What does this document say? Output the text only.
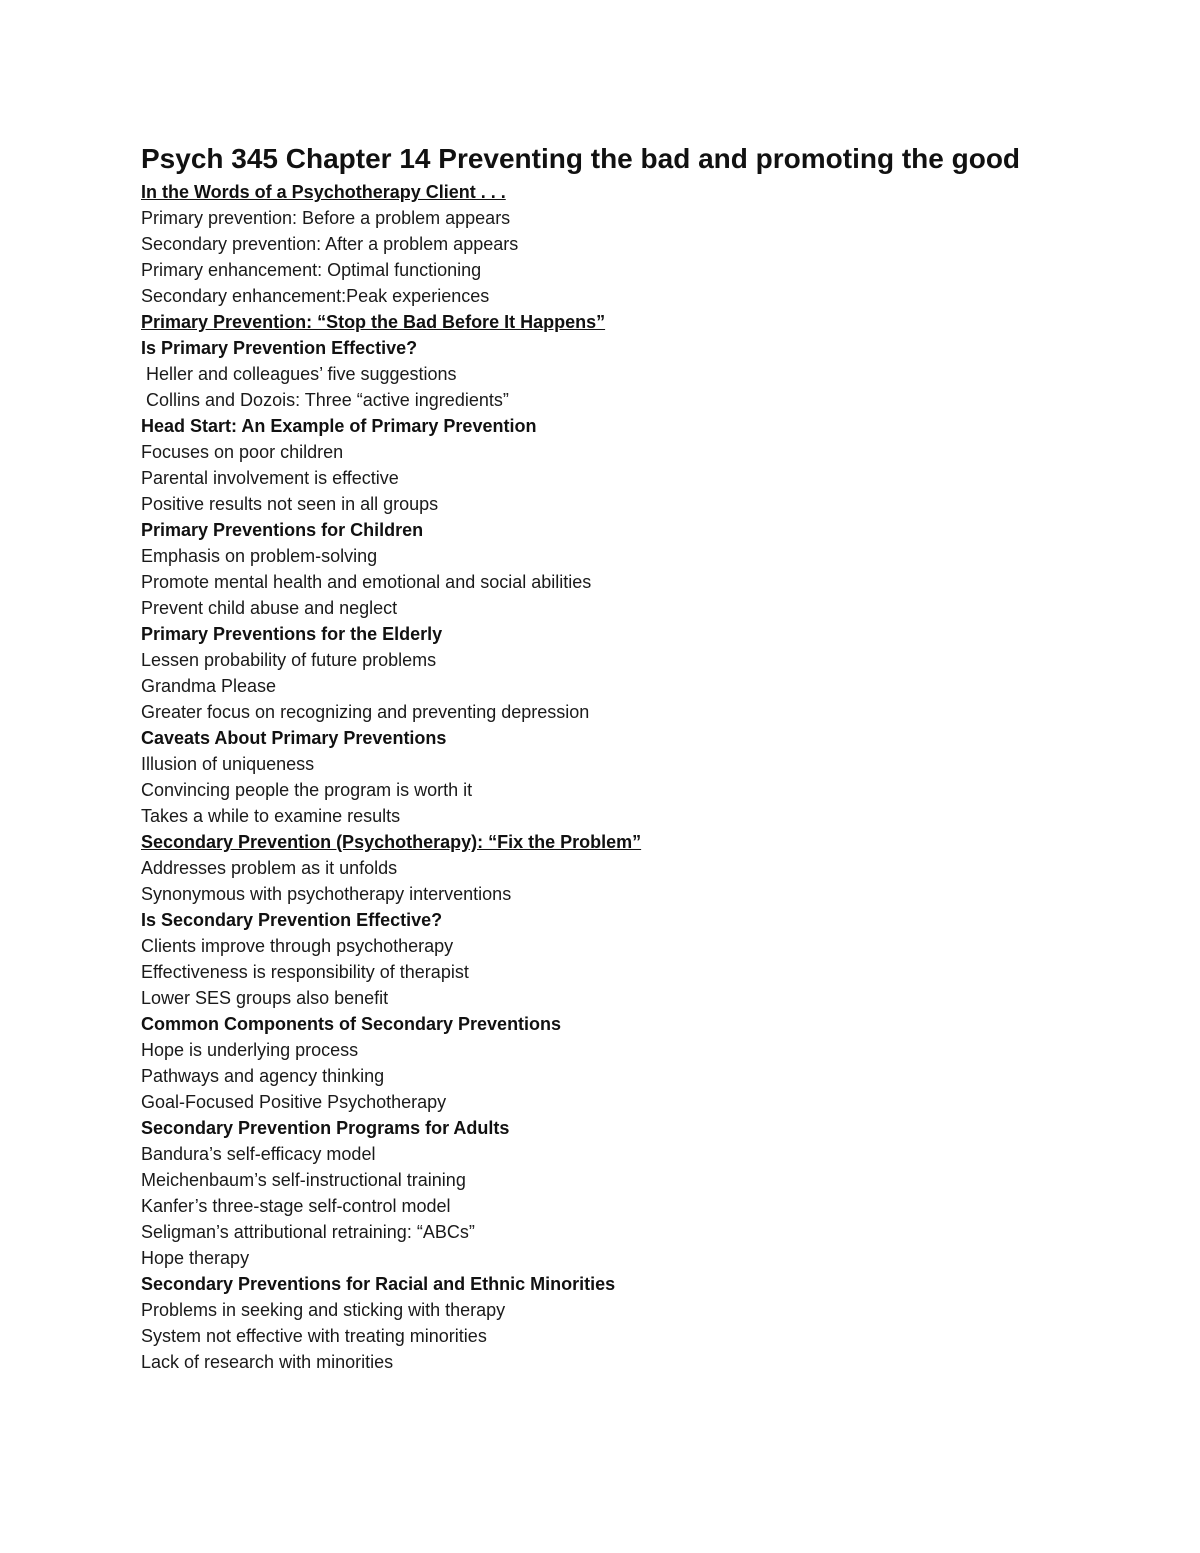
Psych 345 Chapter 14 Preventing the bad and promoting the good
In the Words of a Psychotherapy Client . . .
Primary prevention: Before a problem appears
Secondary prevention: After a problem appears
Primary enhancement: Optimal functioning
Secondary enhancement:Peak experiences
Primary Prevention: “Stop the Bad Before It Happens”
Is Primary Prevention Effective?
Heller and colleagues’ five suggestions
Collins and Dozois: Three “active ingredients”
Head Start: An Example of Primary Prevention
Focuses on poor children
Parental involvement is effective
Positive results not seen in all groups
Primary Preventions for Children
Emphasis on problem-solving
Promote mental health and emotional and social abilities
Prevent child abuse and neglect
Primary Preventions for the Elderly
Lessen probability of future problems
Grandma Please
Greater focus on recognizing and preventing depression
Caveats About Primary Preventions
Illusion of uniqueness
Convincing people the program is worth it
Takes a while to examine results
Secondary Prevention (Psychotherapy): “Fix the Problem”
Addresses problem as it unfolds
Synonymous with psychotherapy interventions
Is Secondary Prevention Effective?
Clients improve through psychotherapy
Effectiveness is responsibility of therapist
Lower SES groups also benefit
Common Components of Secondary Preventions
Hope is underlying process
Pathways and agency thinking
Goal-Focused Positive Psychotherapy
Secondary Prevention Programs for Adults
Bandura’s self-efficacy model
Meichenbaum’s self-instructional training
Kanfer’s three-stage self-control model
Seligman’s attributional retraining: “ABCs”
Hope therapy
Secondary Preventions for Racial and Ethnic Minorities
Problems in seeking and sticking with therapy
System not effective with treating minorities
Lack of research with minorities
